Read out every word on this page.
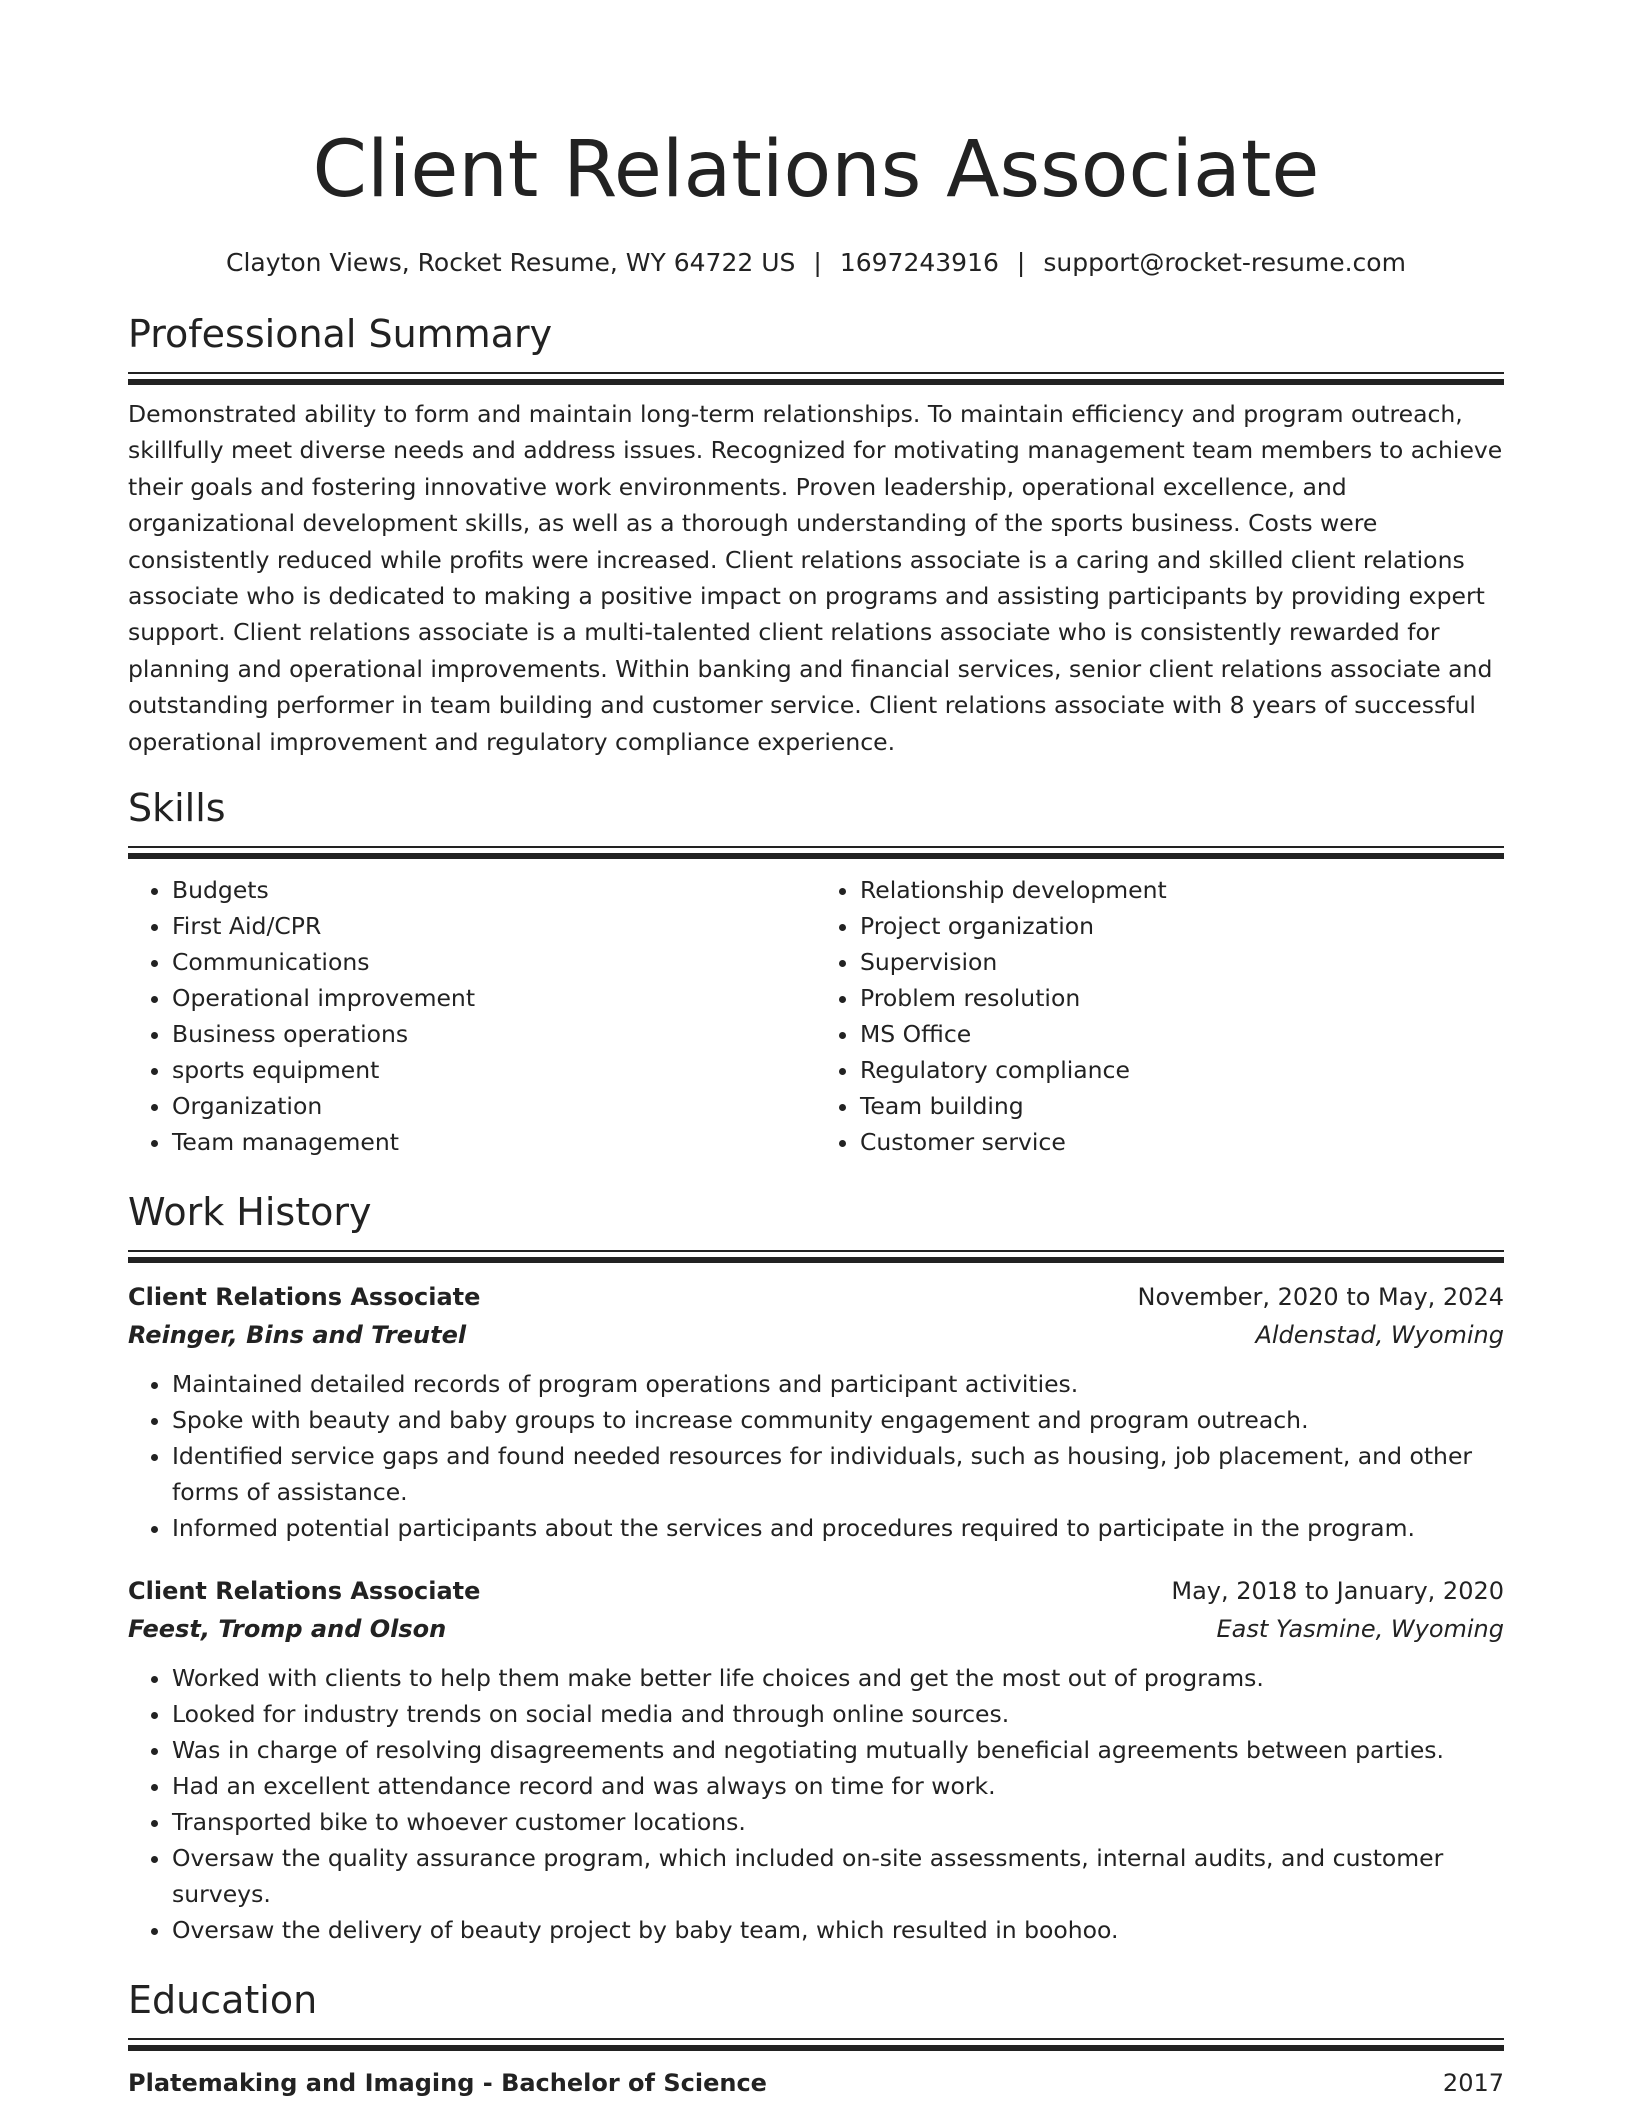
Client Relations Associate
Clayton Views, Rocket Resume, WY 64722 US | 1697243916 | support@rocket-resume.com
Professional Summary
Demonstrated ability to form and maintain long-term relationships. To maintain efficiency and program outreach, skillfully meet diverse needs and address issues. Recognized for motivating management team members to achieve their goals and fostering innovative work environments. Proven leadership, operational excellence, and organizational development skills, as well as a thorough understanding of the sports business. Costs were consistently reduced while profits were increased. Client relations associate is a caring and skilled client relations associate who is dedicated to making a positive impact on programs and assisting participants by providing expert support. Client relations associate is a multi-talented client relations associate who is consistently rewarded for planning and operational improvements. Within banking and financial services, senior client relations associate and outstanding performer in team building and customer service. Client relations associate with 8 years of successful operational improvement and regulatory compliance experience.
Skills
• Budgets
• First Aid/CPR
• Communications
• Operational improvement
• Business operations
• sports equipment
• Organization
• Team management
• Relationship development
• Project organization
• Supervision
• Problem resolution
• MS Office
• Regulatory compliance
• Team building
• Customer service
Work History
Client Relations Associate	November, 2020 to May, 2024
Reinger, Bins and Treutel	Aldenstad, Wyoming
• Maintained detailed records of program operations and participant activities.
• Spoke with beauty and baby groups to increase community engagement and program outreach.
• Identified service gaps and found needed resources for individuals, such as housing, job placement, and other forms of assistance.
• Informed potential participants about the services and procedures required to participate in the program.
Client Relations Associate	May, 2018 to January, 2020
Feest, Tromp and Olson	East Yasmine, Wyoming
• Worked with clients to help them make better life choices and get the most out of programs.
• Looked for industry trends on social media and through online sources.
• Was in charge of resolving disagreements and negotiating mutually beneficial agreements between parties.
• Had an excellent attendance record and was always on time for work.
• Transported bike to whoever customer locations.
• Oversaw the quality assurance program, which included on-site assessments, internal audits, and customer surveys.
• Oversaw the delivery of beauty project by baby team, which resulted in boohoo.
Education
Platemaking and Imaging - Bachelor of Science	2017
